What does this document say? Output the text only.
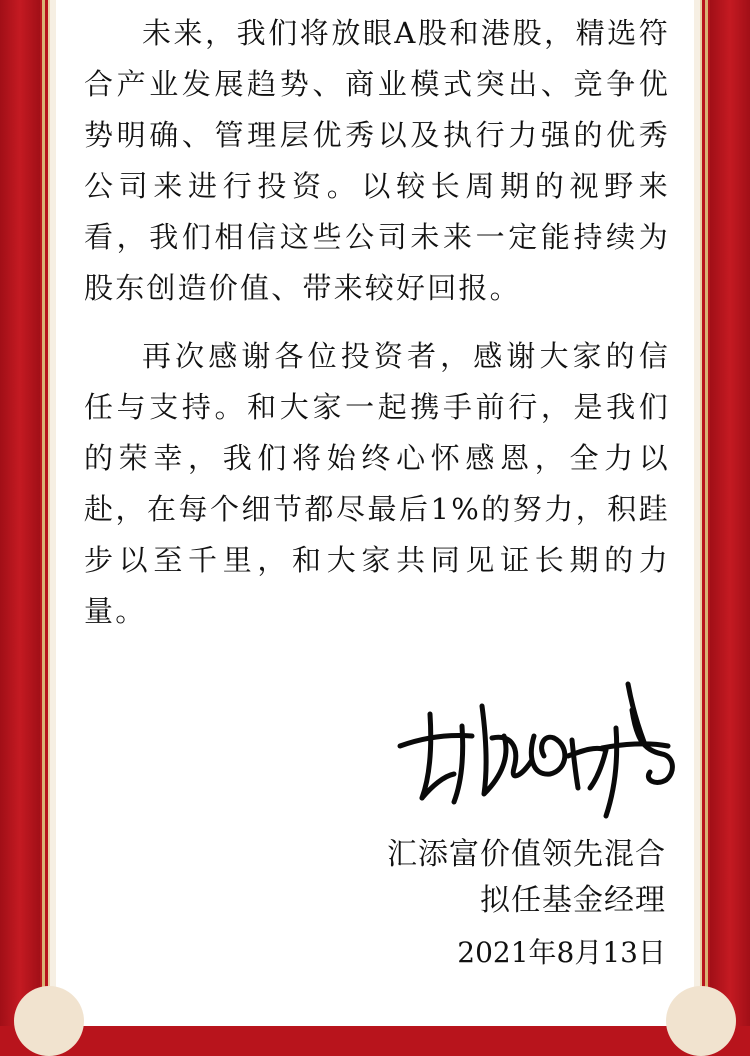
未来，我们将放眼A股和港股，精选符合产业发展趋势、商业模式突出、竞争优势明确、管理层优秀以及执行力强的优秀公司来进行投资。以较长周期的视野来看，我们相信这些公司未来一定能持续为股东创造价值、带来较好回报。

再次感谢各位投资者，感谢大家的信任与支持。和大家一起携手前行，是我们的荣幸，我们将始终心怀感恩，全力以赴，在每个细节都尽最后1%的努力，积跬步以至千里，和大家共同见证长期的力量。

汇添富价值领先混合
拟任基金经理
2021年8月13日
